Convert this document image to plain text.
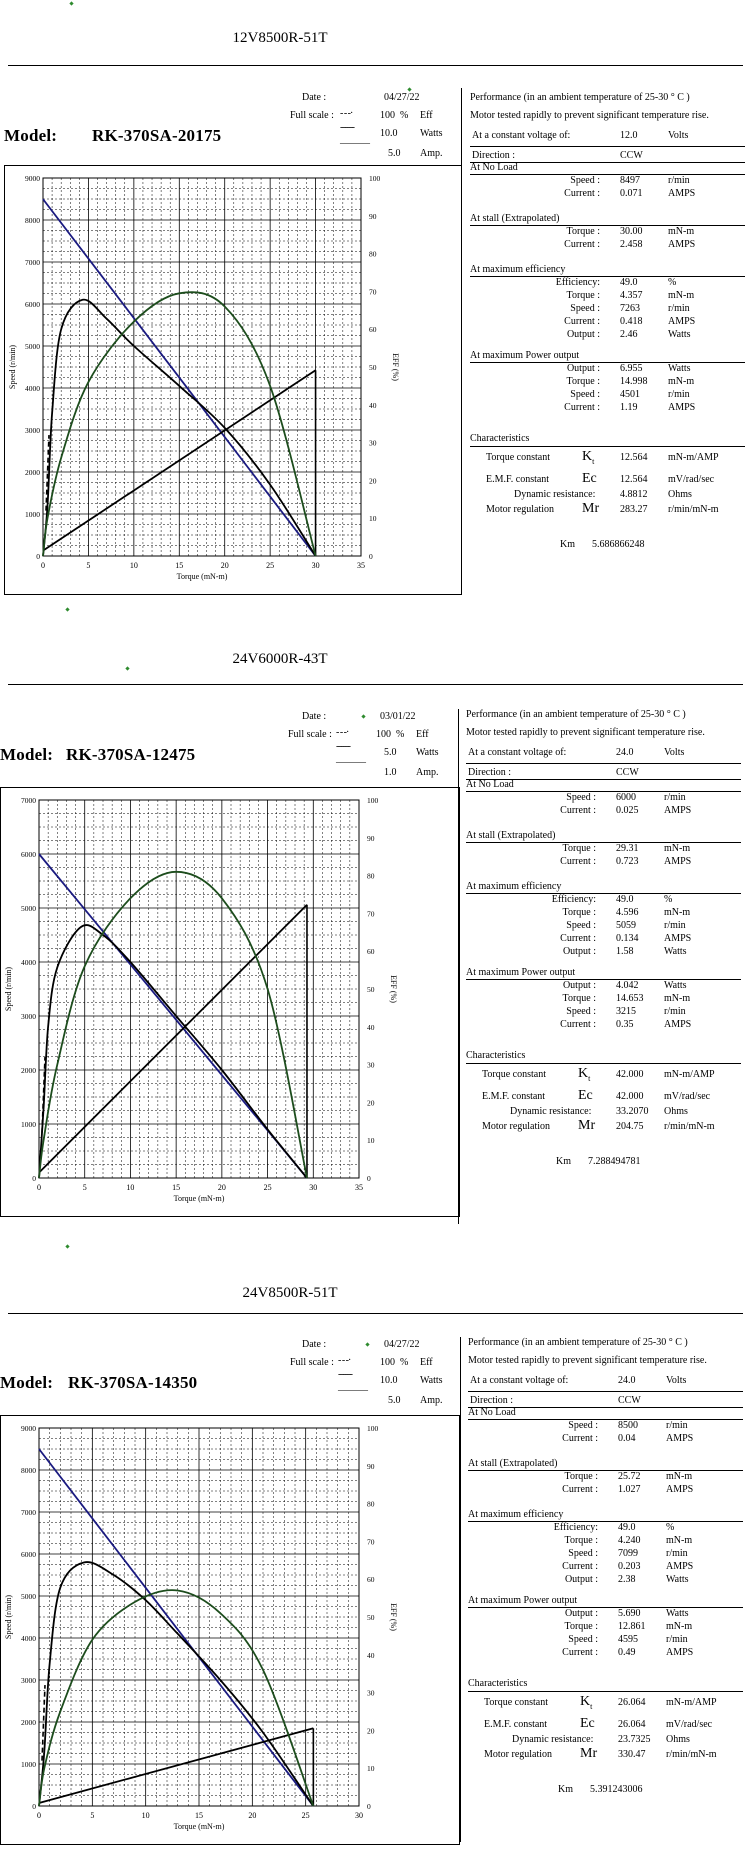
12V8500R-51T
Model: RK-370SA-20175
Date :	04/27/22
Full scale : - - -·	100 % Eff
------
10.0 Watts
———
5.0 Amp.
0	5	10	15	20	25	30	35
0
1000
2000
3000
4000
5000
6000
7000
8000
9000
0
10
20
30
40
50
60
70
80
90
100
Torque (mN-m)
Speed (r/min)	EFF (%)
Performance (in an ambient temperature of 25-30 ° C )
Motor tested rapidly to prevent significant temperature rise.
At a constant voltage of:	12.0	Volts
Direction :	CCW
At No Load
Speed : 8497	r/min
Current : 0.071	AMPS
At stall (Extrapolated)
Torque : 30.00	mN-m
Current : 2.458	AMPS
At maximum efficiency
Efficiency: 49.0	%
Torque : 4.357	mN-m
Speed : 7263	r/min
Current : 0.418	AMPS
Output : 2.46	Watts
At maximum Power output
Output : 6.955	Watts
Torque : 14.998 mN-m
Speed : 4501	r/min
Current : 1.19	AMPS
Characteristics
Torque constant $K_t$	12.564 mN-m/AMP
E.M.F. constant Ec 12.564 mV/rad/sec
Dynamic resistance: 4.8812 Ohms
Motor regulation Mr 283.27 r/min/mN-m
Km 5.686866248
24V6000R-43T
Model: RK-370SA-12475
Date :	03/01/22
Full scale : - - -·	100 % Eff
------
5.0 Watts
———
1.0 Amp.
0	5	10	15	20	25	30	35
0
1000
2000
3000
4000
5000
6000
7000
0
10
20
30
40
50
60
70
80
90
100
Torque (mN-m)
Speed (r/min)	EFF (%)
Performance (in an ambient temperature of 25-30 ° C )
Motor tested rapidly to prevent significant temperature rise.
At a constant voltage of:	24.0	Volts
Direction :	CCW
At No Load
Speed : 6000	r/min
Current : 0.025	AMPS
At stall (Extrapolated)
Torque : 29.31	mN-m
Current : 0.723	AMPS
At maximum efficiency
Efficiency: 49.0	%
Torque : 4.596	mN-m
Speed : 5059	r/min
Current : 0.134	AMPS
Output : 1.58	Watts
At maximum Power output
Output : 4.042	Watts
Torque : 14.653 mN-m
Speed : 3215	r/min
Current : 0.35	AMPS
Characteristics
Torque constant $K_t$	42.000 mN-m/AMP
E.M.F. constant Ec 42.000 mV/rad/sec
Dynamic resistance: 33.2070 Ohms
Motor regulation Mr 204.75 r/min/mN-m
Km 7.288494781
24V8500R-51T
Model: RK-370SA-14350
Date :	04/27/22
Full scale : - - -·	100 % Eff
------
10.0 Watts
———
5.0 Amp.
0	5	10	15	20	25	30
0
1000
2000
3000
4000
5000
6000
7000
8000
9000
0
10
20
30
40
50
60
70
80
90
100
Torque (mN-m)
Speed (r/min)	EFF (%)
Performance (in an ambient temperature of 25-30 ° C )
Motor tested rapidly to prevent significant temperature rise.
At a constant voltage of:	24.0	Volts
Direction :	CCW
At No Load
Speed : 8500	r/min
Current : 0.04	AMPS
At stall (Extrapolated)
Torque : 25.72	mN-m
Current : 1.027	AMPS
At maximum efficiency
Efficiency: 49.0	%
Torque : 4.240	mN-m
Speed : 7099	r/min
Current : 0.203	AMPS
Output : 2.38	Watts
At maximum Power output
Output : 5.690	Watts
Torque : 12.861 mN-m
Speed : 4595	r/min
Current : 0.49	AMPS
Characteristics
Torque constant $K_t$	26.064 mN-m/AMP
E.M.F. constant Ec 26.064 mV/rad/sec
Dynamic resistance: 23.7325 Ohms
Motor regulation Mr 330.47 r/min/mN-m
Km 5.391243006
